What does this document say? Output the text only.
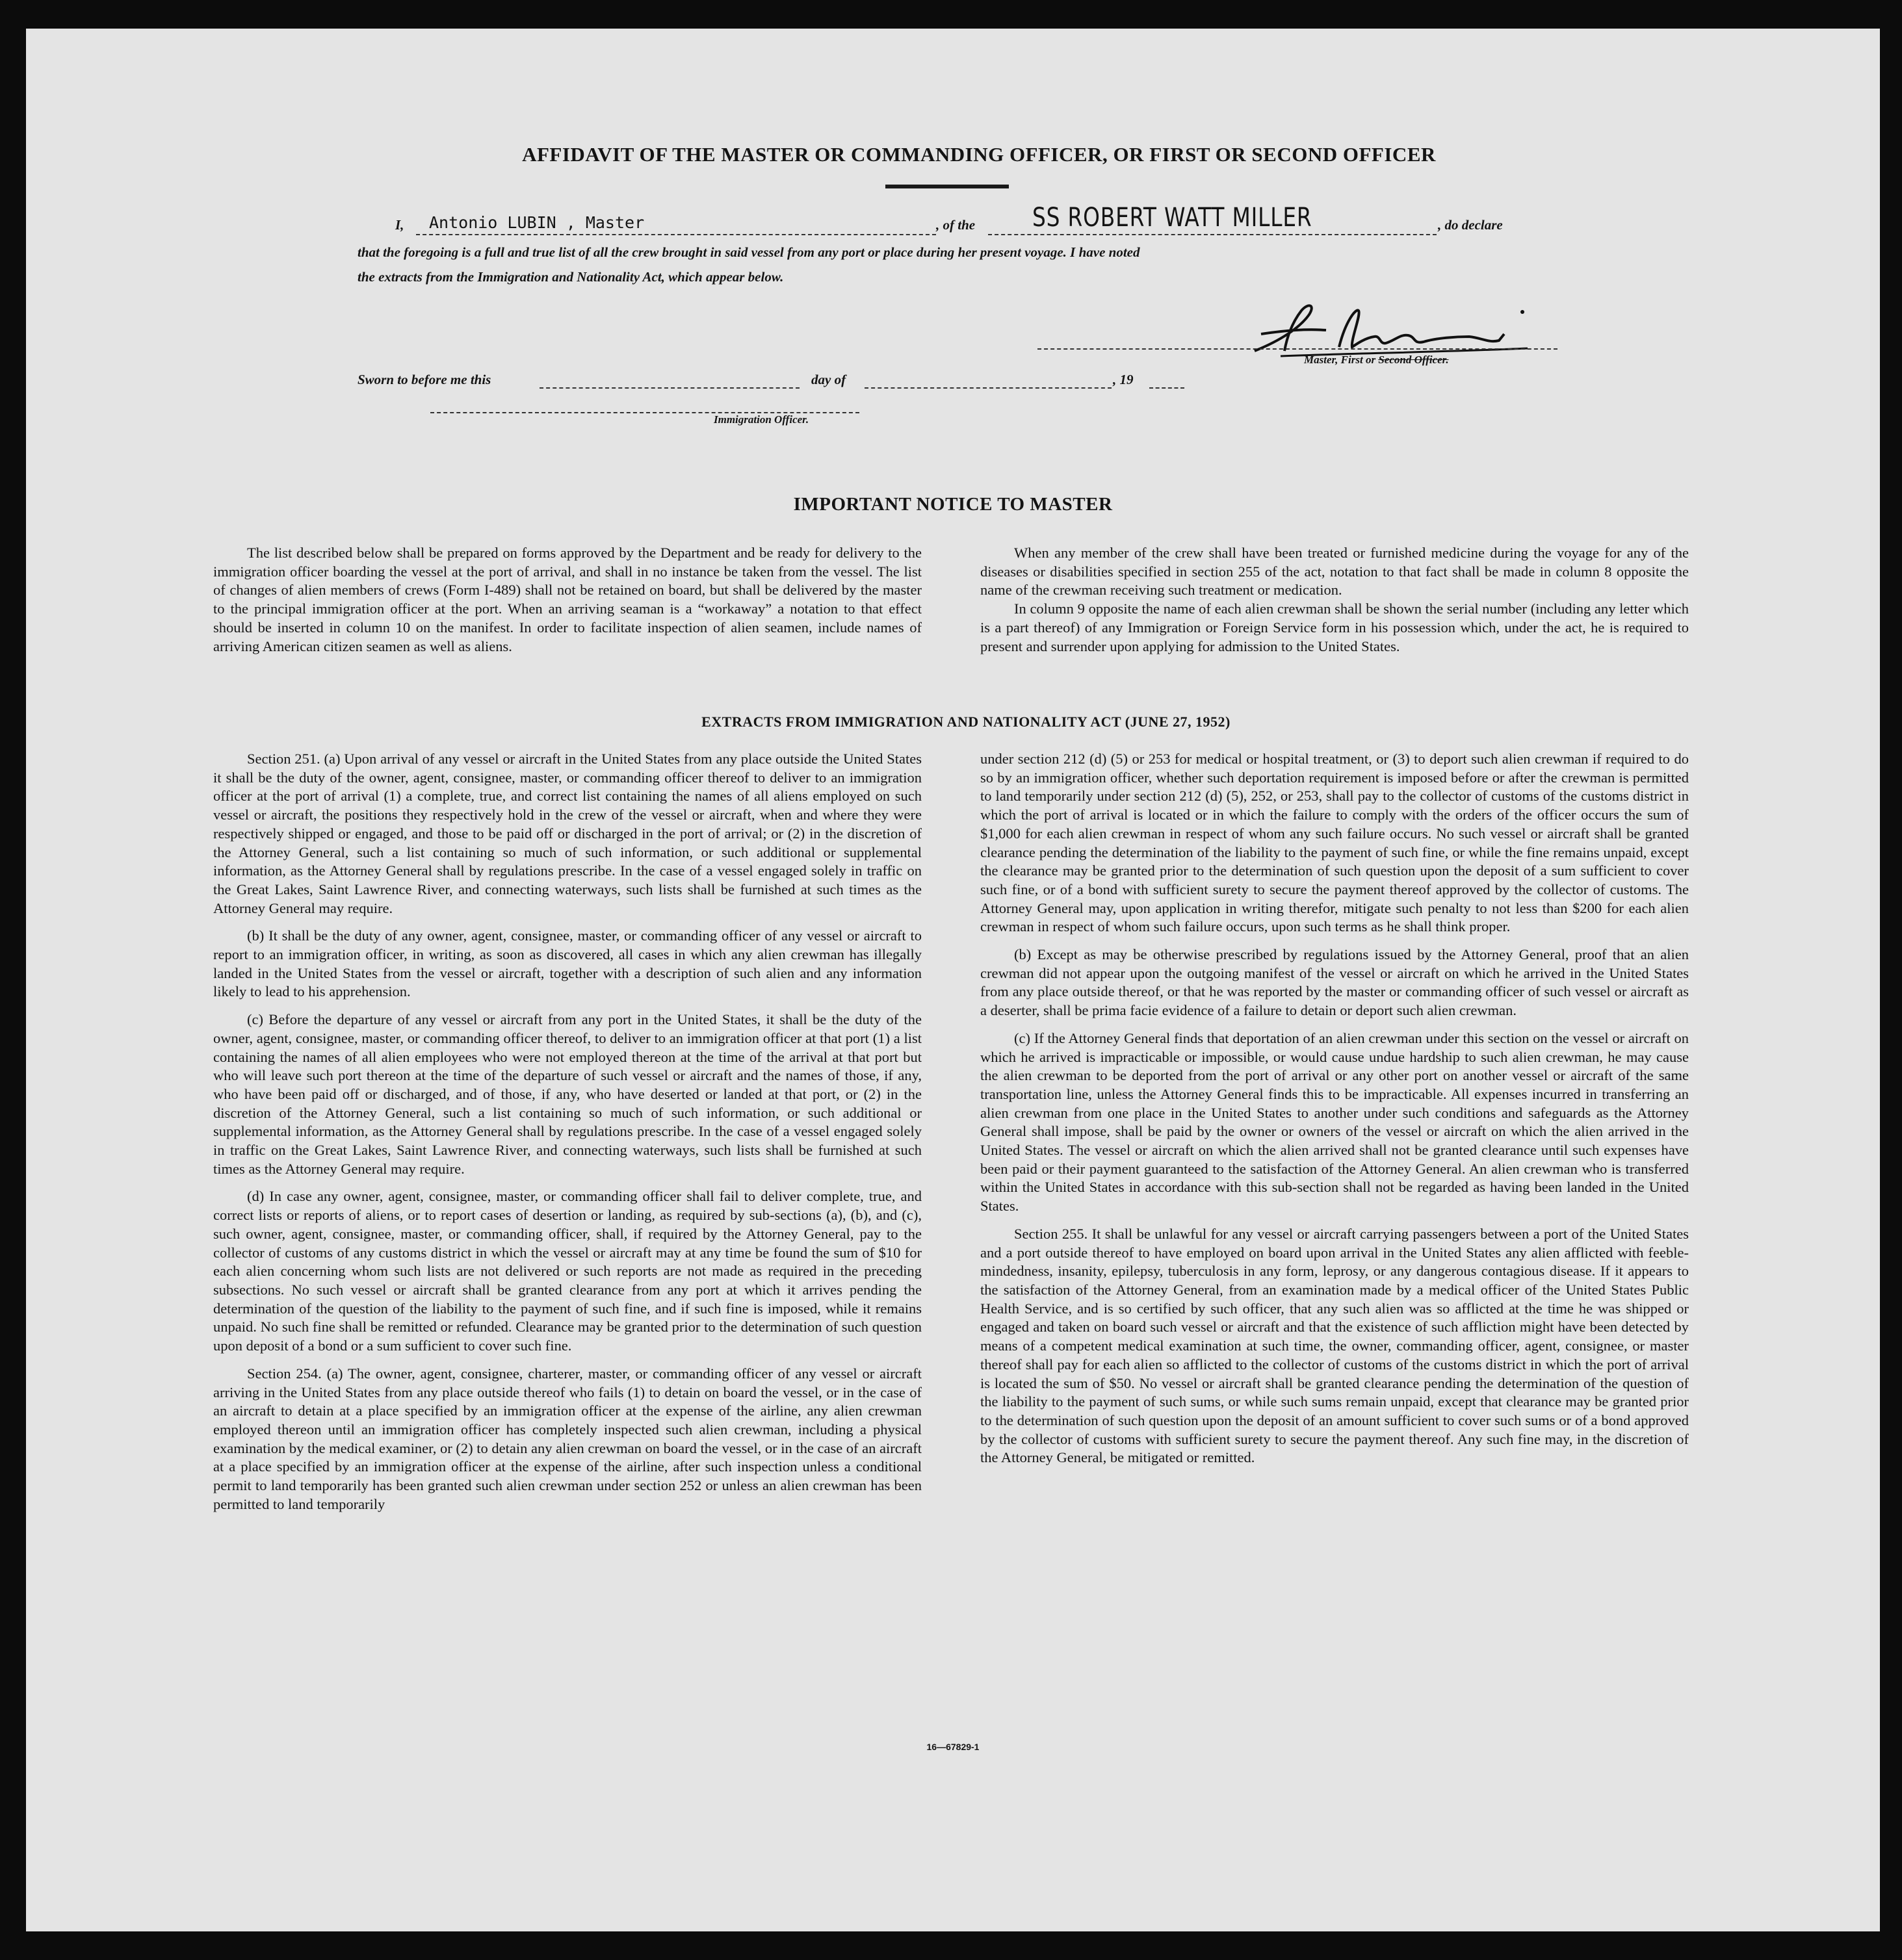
AFFIDAVIT OF THE MASTER OR COMMANDING OFFICER, OR FIRST OR SECOND OFFICER
I,	Antonio LUBIN , Master	, of the SS ROBERT WATT MILLER	, do declare
that the foregoing is a full and true list of all the crew brought in said vessel from any port or place during her present voyage. I have noted
the extracts from the Immigration and Nationality Act, which appear below.
Master, First or Second Officer.
Sworn to before me this	day of	, 19
Immigration Officer.
IMPORTANT NOTICE TO MASTER

The list described below shall be prepared on forms approved by the Department and be ready for delivery to the immigration officer boarding the vessel at the port of arrival, and shall in no instance be taken from the vessel. The list of changes of alien members of crews (Form I-489) shall not be retained on board, but shall be delivered by the master to the principal immigration officer at the port. When an arriving seaman is a “workaway” a notation to that effect should be inserted in column 10 on the manifest. In order to facilitate inspection of alien seamen, include names of arriving American citizen seamen as well as aliens.

When any member of the crew shall have been treated or furnished medicine during the voyage for any of the diseases or disabilities specified in section 255 of the act, notation to that fact shall be made in column 8 opposite the name of the crewman receiving such treatment or medication.

In column 9 opposite the name of each alien crewman shall be shown the serial number (including any letter which is a part thereof) of any Immigration or Foreign Service form in his possession which, under the act, he is required to present and surrender upon applying for admission to the United States.

EXTRACTS FROM IMMIGRATION AND NATIONALITY ACT (JUNE 27, 1952)

Section 251. (a) Upon arrival of any vessel or aircraft in the United States from any place outside the United States it shall be the duty of the owner, agent, consignee, master, or commanding officer thereof to deliver to an immigration officer at the port of arrival (1) a complete, true, and correct list containing the names of all aliens employed on such vessel or aircraft, the positions they respectively hold in the crew of the vessel or aircraft, when and where they were respectively shipped or engaged, and those to be paid off or discharged in the port of arrival; or (2) in the discretion of the Attorney General, such a list containing so much of such information, or such additional or supplemental information, as the Attorney General shall by regulations prescribe. In the case of a vessel engaged solely in traffic on the Great Lakes, Saint Lawrence River, and connecting waterways, such lists shall be furnished at such times as the Attorney General may require.

(b) It shall be the duty of any owner, agent, consignee, master, or commanding officer of any vessel or aircraft to report to an immigration officer, in writing, as soon as discovered, all cases in which any alien crewman has illegally landed in the United States from the vessel or aircraft, together with a description of such alien and any information likely to lead to his apprehension.

(c) Before the departure of any vessel or aircraft from any port in the United States, it shall be the duty of the owner, agent, consignee, master, or commanding officer thereof, to deliver to an immigration officer at that port (1) a list containing the names of all alien employees who were not employed thereon at the time of the arrival at that port but who will leave such port thereon at the time of the departure of such vessel or aircraft and the names of those, if any, who have been paid off or discharged, and of those, if any, who have deserted or landed at that port, or (2) in the discretion of the Attorney General, such a list containing so much of such information, or such additional or supplemental information, as the Attorney General shall by regulations prescribe. In the case of a vessel engaged solely in traffic on the Great Lakes, Saint Lawrence River, and connecting waterways, such lists shall be furnished at such times as the Attorney General may require.

(d) In case any owner, agent, consignee, master, or commanding officer shall fail to deliver complete, true, and correct lists or reports of aliens, or to report cases of desertion or landing, as required by sub-sections (a), (b), and (c), such owner, agent, consignee, master, or commanding officer, shall, if required by the Attorney General, pay to the collector of customs of any customs district in which the vessel or aircraft may at any time be found the sum of $10 for each alien concerning whom such lists are not delivered or such reports are not made as required in the preceding subsections. No such vessel or aircraft shall be granted clearance from any port at which it arrives pending the determination of the question of the liability to the payment of such fine, and if such fine is imposed, while it remains unpaid. No such fine shall be remitted or refunded. Clearance may be granted prior to the determination of such question upon deposit of a bond or a sum sufficient to cover such fine.

Section 254. (a) The owner, agent, consignee, charterer, master, or commanding officer of any vessel or aircraft arriving in the United States from any place outside thereof who fails (1) to detain on board the vessel, or in the case of an aircraft to detain at a place specified by an immigration officer at the expense of the airline, any alien crewman employed thereon until an immigration officer has completely inspected such alien crewman, including a physical examination by the medical examiner, or (2) to detain any alien crewman on board the vessel, or in the case of an aircraft at a place specified by an immigration officer at the expense of the airline, after such inspection unless a conditional permit to land temporarily has been granted such alien crewman under section 252 or unless an alien crewman has been permitted to land temporarily

under section 212 (d) (5) or 253 for medical or hospital treatment, or (3) to deport such alien crewman if required to do so by an immigration officer, whether such deportation requirement is imposed before or after the crewman is permitted to land temporarily under section 212 (d) (5), 252, or 253, shall pay to the collector of customs of the customs district in which the port of arrival is located or in which the failure to comply with the orders of the officer occurs the sum of $1,000 for each alien crewman in respect of whom any such failure occurs. No such vessel or aircraft shall be granted clearance pending the determination of the liability to the payment of such fine, or while the fine remains unpaid, except the clearance may be granted prior to the determination of such question upon the deposit of a sum sufficient to cover such fine, or of a bond with sufficient surety to secure the payment thereof approved by the collector of customs. The Attorney General may, upon application in writing therefor, mitigate such penalty to not less than $200 for each alien crewman in respect of whom such failure occurs, upon such terms as he shall think proper.

(b) Except as may be otherwise prescribed by regulations issued by the Attorney General, proof that an alien crewman did not appear upon the outgoing manifest of the vessel or aircraft on which he arrived in the United States from any place outside thereof, or that he was reported by the master or commanding officer of such vessel or aircraft as a deserter, shall be prima facie evidence of a failure to detain or deport such alien crewman.

(c) If the Attorney General finds that deportation of an alien crewman under this section on the vessel or aircraft on which he arrived is impracticable or impossible, or would cause undue hardship to such alien crewman, he may cause the alien crewman to be deported from the port of arrival or any other port on another vessel or aircraft of the same transportation line, unless the Attorney General finds this to be impracticable. All expenses incurred in transferring an alien crewman from one place in the United States to another under such conditions and safeguards as the Attorney General shall impose, shall be paid by the owner or owners of the vessel or aircraft on which the alien arrived in the United States. The vessel or aircraft on which the alien arrived shall not be granted clearance until such expenses have been paid or their payment guaranteed to the satisfaction of the Attorney General. An alien crewman who is transferred within the United States in accordance with this sub-section shall not be regarded as having been landed in the United States.

Section 255. It shall be unlawful for any vessel or aircraft carrying passengers between a port of the United States and a port outside thereof to have employed on board upon arrival in the United States any alien afflicted with feeble-mindedness, insanity, epilepsy, tuberculosis in any form, leprosy, or any dangerous contagious disease. If it appears to the satisfaction of the Attorney General, from an examination made by a medical officer of the United States Public Health Service, and is so certified by such officer, that any such alien was so afflicted at the time he was shipped or engaged and taken on board such vessel or aircraft and that the existence of such affliction might have been detected by means of a competent medical examination at such time, the owner, commanding officer, agent, consignee, or master thereof shall pay for each alien so afflicted to the collector of customs of the customs district in which the port of arrival is located the sum of $50. No vessel or aircraft shall be granted clearance pending the determination of the question of the liability to the payment of such sums, or while such sums remain unpaid, except that clearance may be granted prior to the determination of such question upon the deposit of an amount sufficient to cover such sums or of a bond approved by the collector of customs with sufficient surety to secure the payment thereof. Any such fine may, in the discretion of the Attorney General, be mitigated or remitted.

16—67829-1
